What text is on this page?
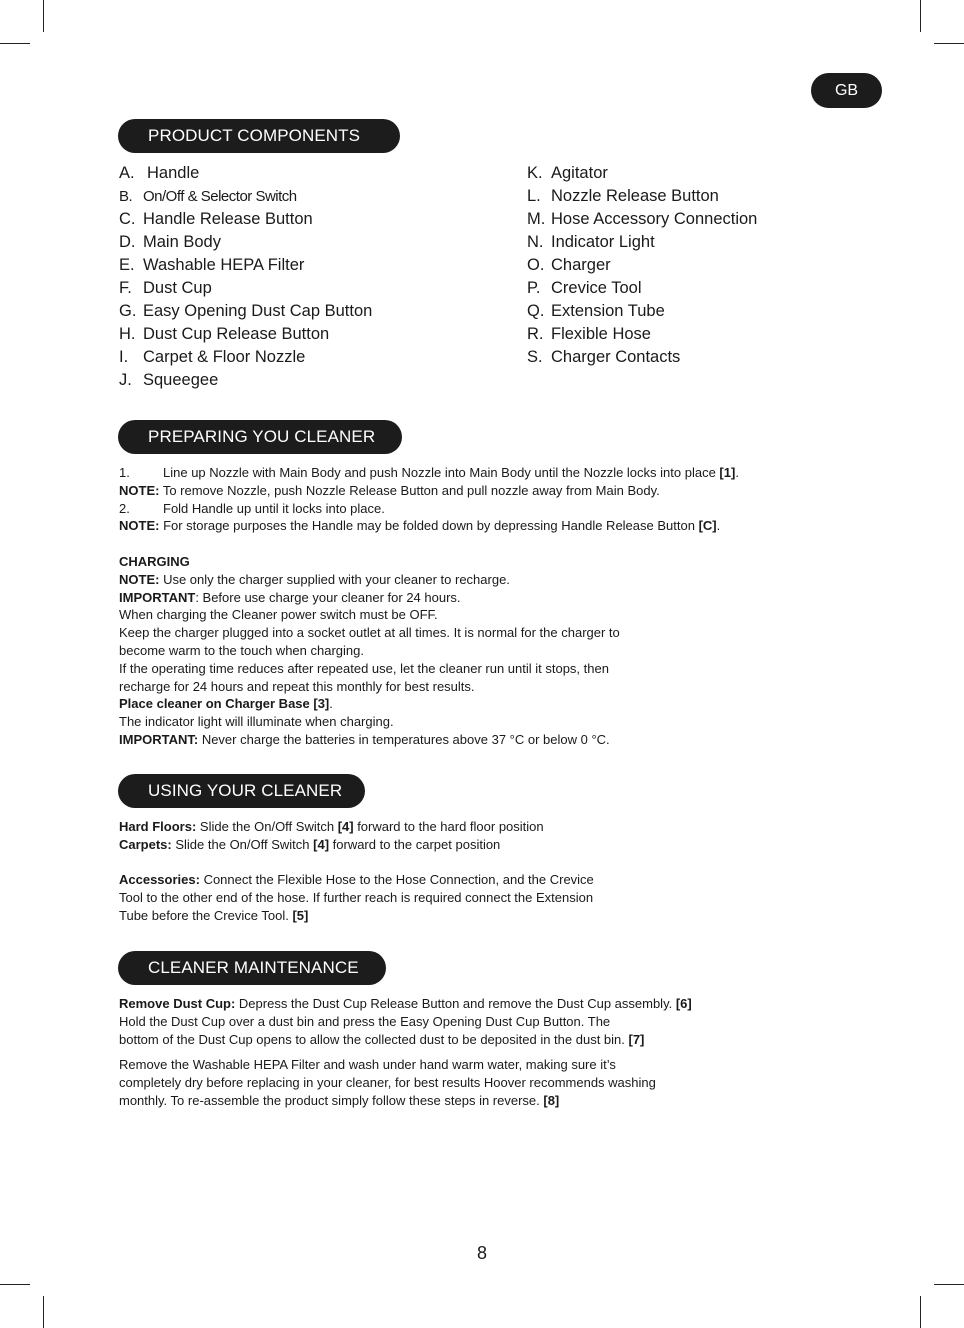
GB
PRODUCT COMPONENTS
A. Handle
B. On/Off & Selector Switch
C. Handle Release Button
D. Main Body
E. Washable HEPA Filter
F. Dust Cup
G. Easy Opening Dust Cap Button
H. Dust Cup Release Button
I. Carpet & Floor Nozzle
J. Squeegee
K. Agitator
L. Nozzle Release Button
M. Hose Accessory Connection
N. Indicator Light
O. Charger
P. Crevice Tool
Q. Extension Tube
R. Flexible Hose
S. Charger Contacts
PREPARING YOU CLEANER
1.	Line up Nozzle with Main Body and push Nozzle into Main Body until the Nozzle locks into place [1].

NOTE: To remove Nozzle, push Nozzle Release Button and pull nozzle away from Main Body.

2.	Fold Handle up until it locks into place.

NOTE: For storage purposes the Handle may be folded down by depressing Handle Release Button [C].

CHARGING

NOTE: Use only the charger supplied with your cleaner to recharge.

IMPORTANT: Before use charge your cleaner for 24 hours.

When charging the Cleaner power switch must be OFF.

Keep the charger plugged into a socket outlet at all times. It is normal for the charger to

become warm to the touch when charging.

If the operating time reduces after repeated use, let the cleaner run until it stops, then

recharge for 24 hours and repeat this monthly for best results.

Place cleaner on Charger Base [3].

The indicator light will illuminate when charging.

IMPORTANT: Never charge the batteries in temperatures above 37 °C or below 0 °C.

USING YOUR CLEANER

Hard Floors: Slide the On/Off Switch [4] forward to the hard floor position

Carpets: Slide the On/Off Switch [4] forward to the carpet position

Accessories: Connect the Flexible Hose to the Hose Connection, and the Crevice

Tool to the other end of the hose. If further reach is required connect the Extension

Tube before the Crevice Tool. [5]

CLEANER MAINTENANCE

Remove Dust Cup: Depress the Dust Cup Release Button and remove the Dust Cup assembly. [6]

Hold the Dust Cup over a dust bin and press the Easy Opening Dust Cup Button. The

bottom of the Dust Cup opens to allow the collected dust to be deposited in the dust bin. [7]

Remove the Washable HEPA Filter and wash under hand warm water, making sure it’s

completely dry before replacing in your cleaner, for best results Hoover recommends washing

monthly. To re-assemble the product simply follow these steps in reverse. [8]

8
